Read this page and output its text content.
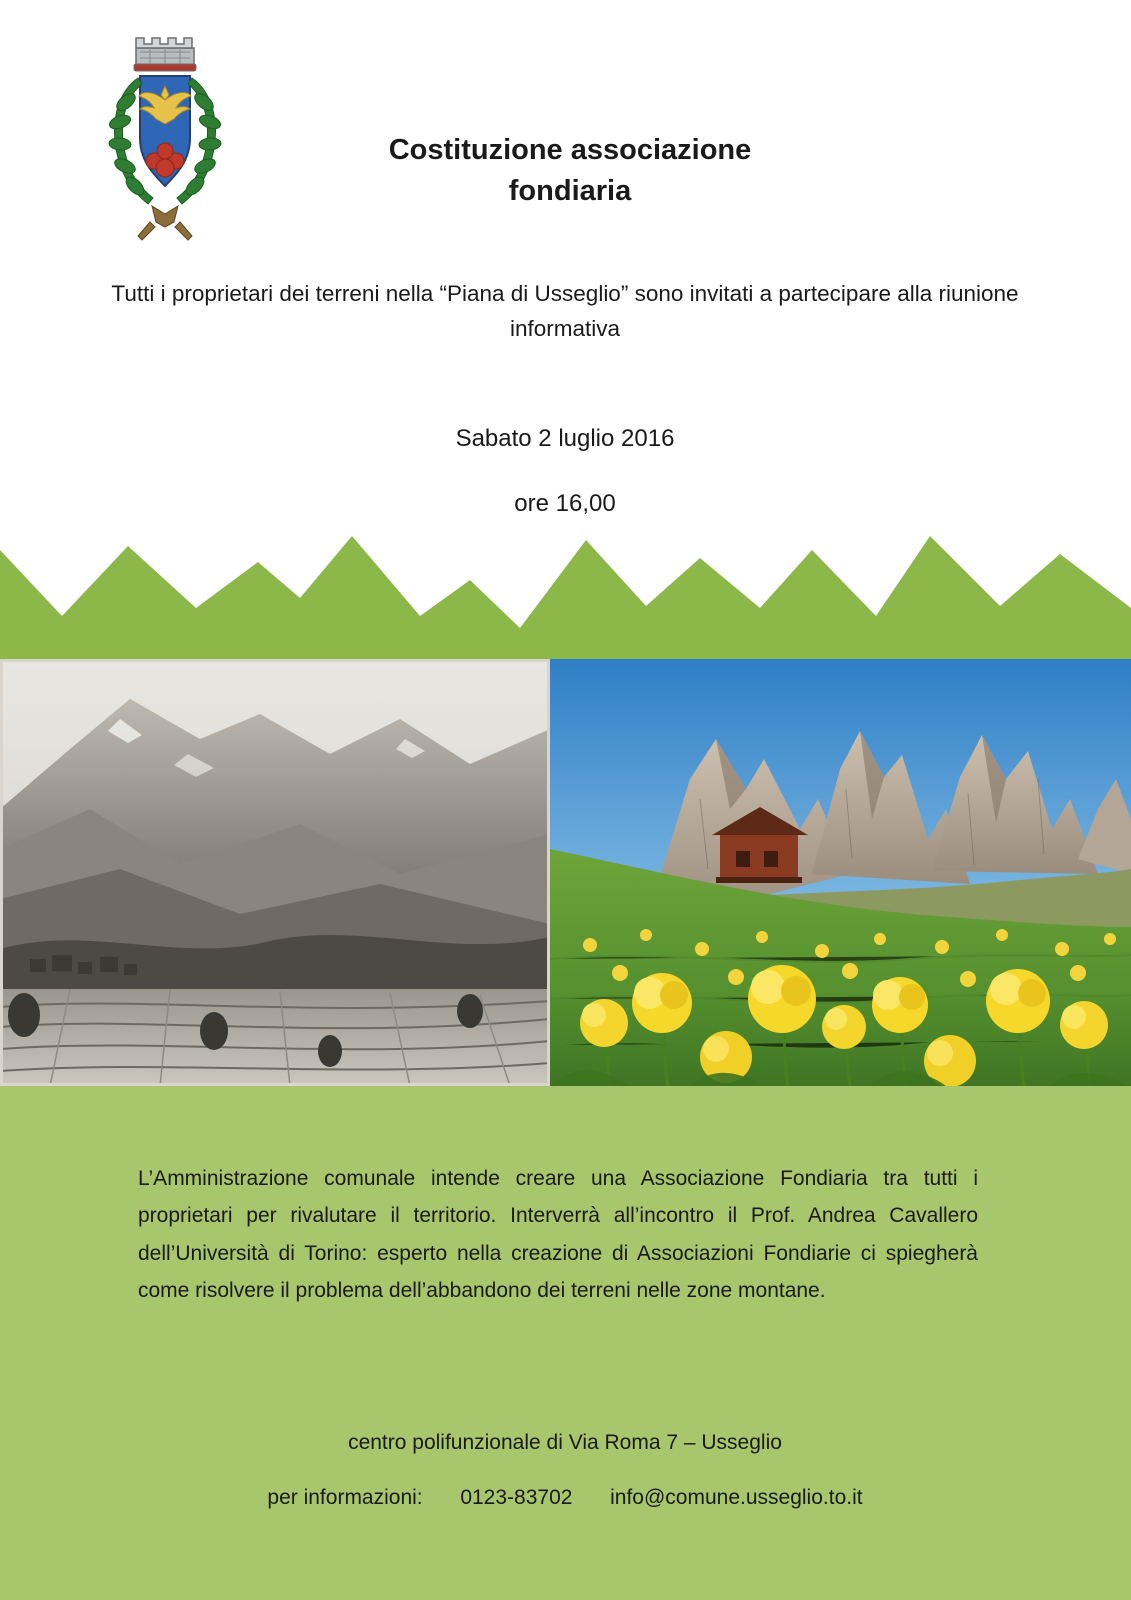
Costituzione associazione
fondiaria
Tutti i proprietari dei terreni nella “Piana di Usseglio” sono invitati a partecipare alla riunione informativa
Sabato 2 luglio 2016
ore 16,00
L’Amministrazione comunale intende creare una Associazione Fondiaria tra tutti i proprietari per rivalutare il territorio. Interverrà all’incontro il Prof. Andrea Cavallero dell’Università di Torino: esperto nella creazione di Associazioni Fondiarie ci spiegherà come risolvere il problema dell’abbandono dei terreni nelle zone montane.
centro polifunzionale di Via Roma 7 – Usseglio
per informazioni: 0123-83702 info@comune.usseglio.to.it
